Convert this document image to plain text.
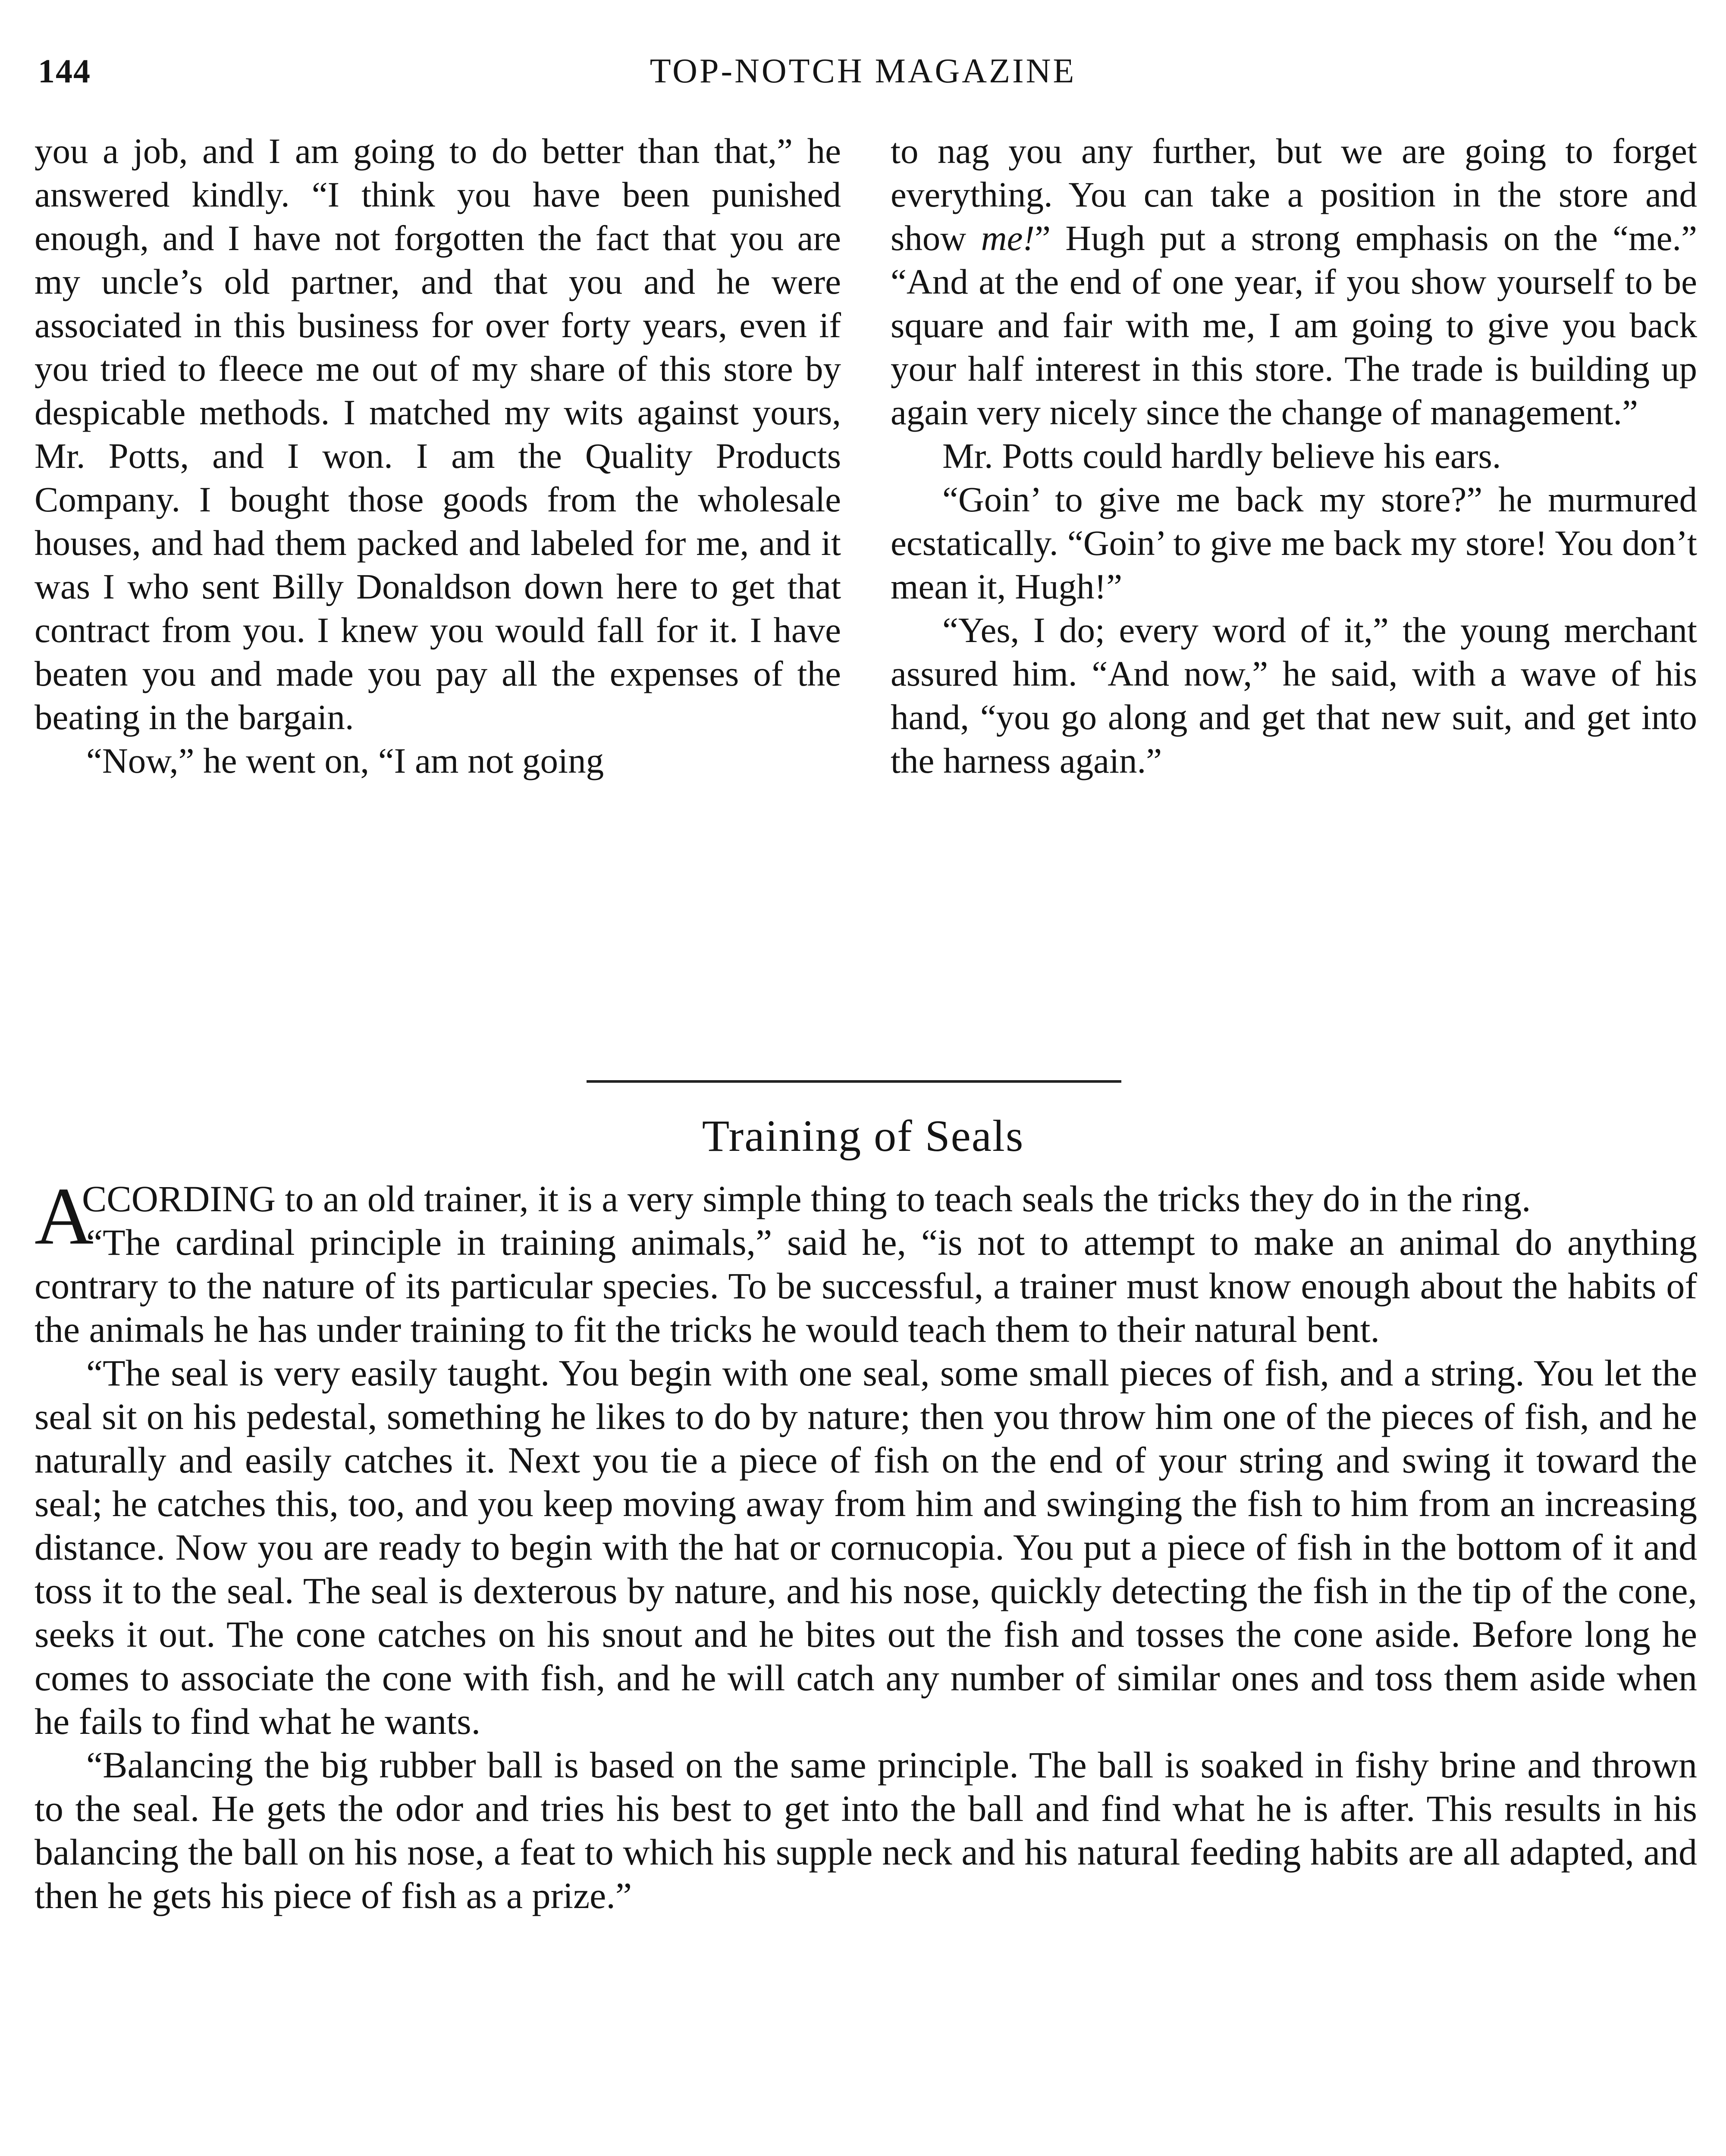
144	TOP-NOTCH MAGAZINE

you a job, and I am going to do better than that,” he answered kindly. “I think you have been punished enough, and I have not forgotten the fact that you are my uncle’s old partner, and that you and he were associated in this business for over forty years, even if you tried to fleece me out of my share of this store by despicable methods. I matched my wits against yours, Mr. Potts, and I won. I am the Quality Products Company. I bought those goods from the wholesale houses, and had them packed and labeled for me, and it was I who sent Billy Donaldson down here to get that contract from you. I knew you would fall for it. I have beaten you and made you pay all the expenses of the beating in the bargain.

“Now,” he went on, “I am not going

to nag you any further, but we are going to forget everything. You can take a position in the store and show me!” Hugh put a strong emphasis on the “me.” “And at the end of one year, if you show yourself to be square and fair with me, I am going to give you back your half interest in this store. The trade is building up again very nicely since the change of management.”

Mr. Potts could hardly believe his ears.

“Goin’ to give me back my store?” he murmured ecstatically. “Goin’ to give me back my store! You don’t mean it, Hugh!”

“Yes, I do; every word of it,” the young merchant assured him. “And now,” he said, with a wave of his hand, “you go along and get that new suit, and get into the harness again.”

Training of Seals

A
CCORDING to an old trainer, it is a very simple thing to teach seals the tricks they do in the ring.

“The cardinal principle in training animals,” said he, “is not to attempt to make an animal do anything contrary to the nature of its particular species. To be successful, a trainer must know enough about the habits of the animals he has under training to fit the tricks he would teach them to their natural bent.

“The seal is very easily taught. You begin with one seal, some small pieces of fish, and a string. You let the seal sit on his pedestal, something he likes to do by nature; then you throw him one of the pieces of fish, and he naturally and easily catches it. Next you tie a piece of fish on the end of your string and swing it toward the seal; he catches this, too, and you keep moving away from him and swinging the fish to him from an increasing distance. Now you are ready to begin with the hat or cornucopia. You put a piece of fish in the bottom of it and toss it to the seal. The seal is dexterous by nature, and his nose, quickly detecting the fish in the tip of the cone, seeks it out. The cone catches on his snout and he bites out the fish and tosses the cone aside. Before long he comes to associate the cone with fish, and he will catch any number of similar ones and toss them aside when he fails to find what he wants.

“Balancing the big rubber ball is based on the same principle. The ball is soaked in fishy brine and thrown to the seal. He gets the odor and tries his best to get into the ball and find what he is after. This results in his balancing the ball on his nose, a feat to which his supple neck and his natural feeding habits are all adapted, and then he gets his piece of fish as a prize.”
